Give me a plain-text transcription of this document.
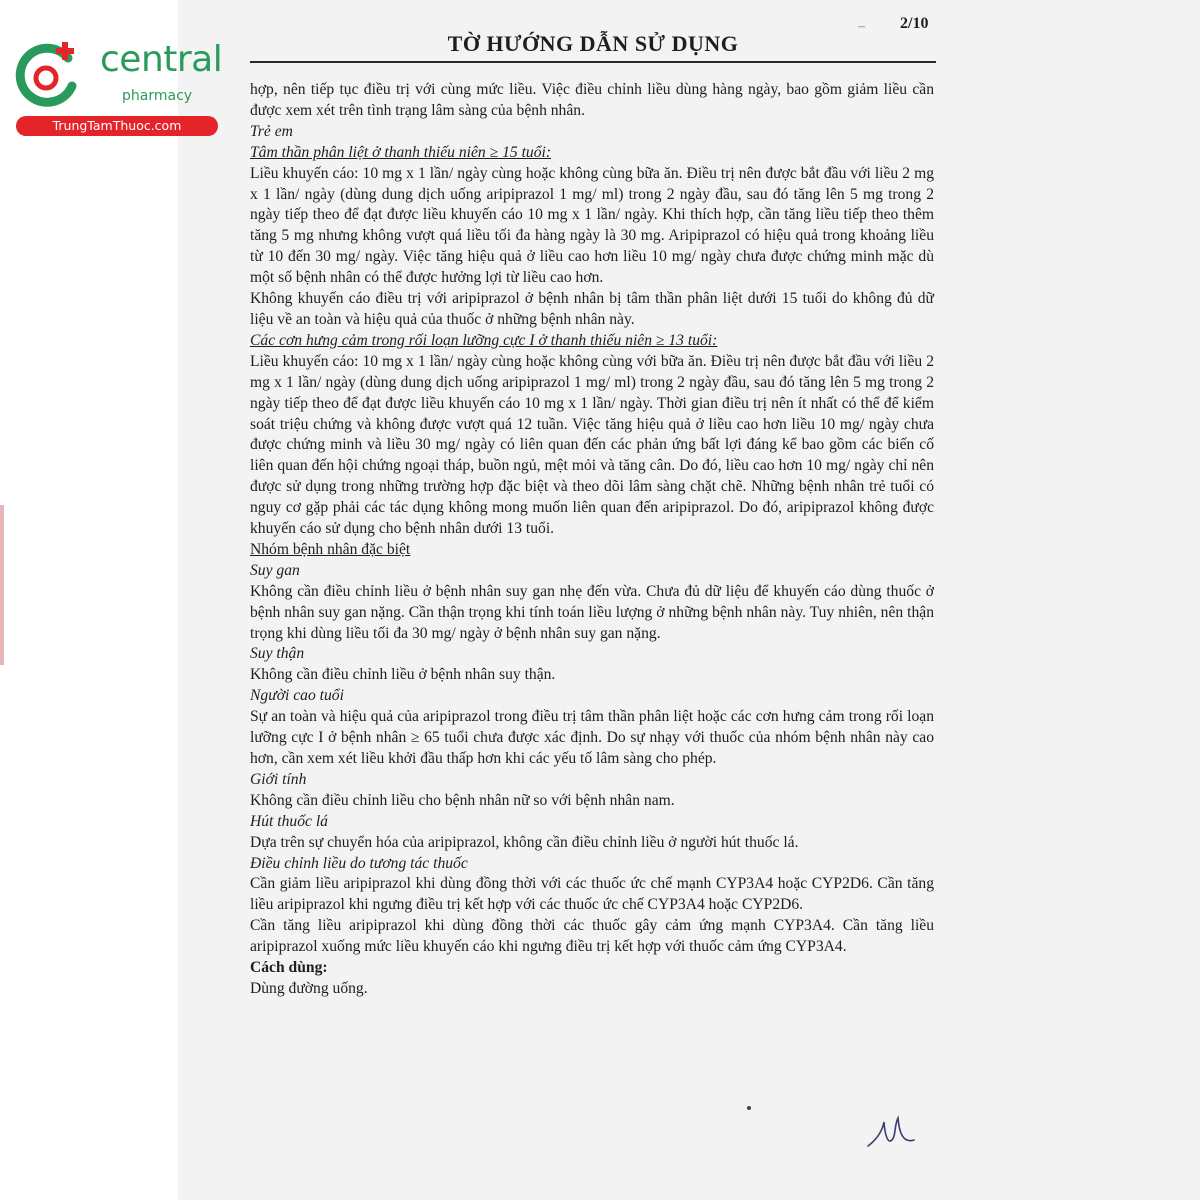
central
pharmacy
TrungTamThuoc.com
– 2/10
TỜ HƯỚNG DẪN SỬ DỤNG

hợp, nên tiếp tục điều trị với cùng mức liều. Việc điều chỉnh liều dùng hàng ngày, bao gồm giảm liều cần được xem xét trên tình trạng lâm sàng của bệnh nhân.

Trẻ em

Tâm thần phân liệt ở thanh thiếu niên ≥ 15 tuổi:

Liều khuyến cáo: 10 mg x 1 lần/ ngày cùng hoặc không cùng bữa ăn. Điều trị nên được bắt đầu với liều 2 mg x 1 lần/ ngày (dùng dung dịch uống aripiprazol 1 mg/ ml) trong 2 ngày đầu, sau đó tăng lên 5 mg trong 2 ngày tiếp theo để đạt được liều khuyến cáo 10 mg x 1 lần/ ngày. Khi thích hợp, cần tăng liều tiếp theo thêm tăng 5 mg nhưng không vượt quá liều tối đa hàng ngày là 30 mg. Aripiprazol có hiệu quả trong khoảng liều từ 10 đến 30 mg/ ngày. Việc tăng hiệu quả ở liều cao hơn liều 10 mg/ ngày chưa được chứng minh mặc dù một số bệnh nhân có thể được hưởng lợi từ liều cao hơn.

Không khuyến cáo điều trị với aripiprazol ở bệnh nhân bị tâm thần phân liệt dưới 15 tuổi do không đủ dữ liệu về an toàn và hiệu quả của thuốc ở những bệnh nhân này.

Các cơn hưng cảm trong rối loạn lưỡng cực I ở thanh thiếu niên ≥ 13 tuổi:

Liều khuyến cáo: 10 mg x 1 lần/ ngày cùng hoặc không cùng với bữa ăn. Điều trị nên được bắt đầu với liều 2 mg x 1 lần/ ngày (dùng dung dịch uống aripiprazol 1 mg/ ml) trong 2 ngày đầu, sau đó tăng lên 5 mg trong 2 ngày tiếp theo để đạt được liều khuyến cáo 10 mg x 1 lần/ ngày. Thời gian điều trị nên ít nhất có thể để kiểm soát triệu chứng và không được vượt quá 12 tuần. Việc tăng hiệu quả ở liều cao hơn liều 10 mg/ ngày chưa được chứng minh và liều 30 mg/ ngày có liên quan đến các phản ứng bất lợi đáng kể bao gồm các biến cố liên quan đến hội chứng ngoại tháp, buồn ngủ, mệt mỏi và tăng cân. Do đó, liều cao hơn 10 mg/ ngày chỉ nên được sử dụng trong những trường hợp đặc biệt và theo dõi lâm sàng chặt chẽ. Những bệnh nhân trẻ tuổi có nguy cơ gặp phải các tác dụng không mong muốn liên quan đến aripiprazol. Do đó, aripiprazol không được khuyến cáo sử dụng cho bệnh nhân dưới 13 tuổi.

Nhóm bệnh nhân đặc biệt

Suy gan

Không cần điều chỉnh liều ở bệnh nhân suy gan nhẹ đến vừa. Chưa đủ dữ liệu để khuyến cáo dùng thuốc ở bệnh nhân suy gan nặng. Cần thận trọng khi tính toán liều lượng ở những bệnh nhân này. Tuy nhiên, nên thận trọng khi dùng liều tối đa 30 mg/ ngày ở bệnh nhân suy gan nặng.

Suy thận

Không cần điều chỉnh liều ở bệnh nhân suy thận.

Người cao tuổi

Sự an toàn và hiệu quả của aripiprazol trong điều trị tâm thần phân liệt hoặc các cơn hưng cảm trong rối loạn lưỡng cực I ở bệnh nhân ≥ 65 tuổi chưa được xác định. Do sự nhạy với thuốc của nhóm bệnh nhân này cao hơn, cần xem xét liều khởi đầu thấp hơn khi các yếu tố lâm sàng cho phép.

Giới tính

Không cần điều chỉnh liều cho bệnh nhân nữ so với bệnh nhân nam.

Hút thuốc lá

Dựa trên sự chuyển hóa của aripiprazol, không cần điều chỉnh liều ở người hút thuốc lá.

Điều chỉnh liều do tương tác thuốc

Cần giảm liều aripiprazol khi dùng đồng thời với các thuốc ức chế mạnh CYP3A4 hoặc CYP2D6. Cần tăng liều aripiprazol khi ngưng điều trị kết hợp với các thuốc ức chế CYP3A4 hoặc CYP2D6.

Cần tăng liều aripiprazol khi dùng đồng thời các thuốc gây cảm ứng mạnh CYP3A4. Cần tăng liều aripiprazol xuống mức liều khuyến cáo khi ngưng điều trị kết hợp với thuốc cảm ứng CYP3A4.

Cách dùng:

Dùng đường uống.
